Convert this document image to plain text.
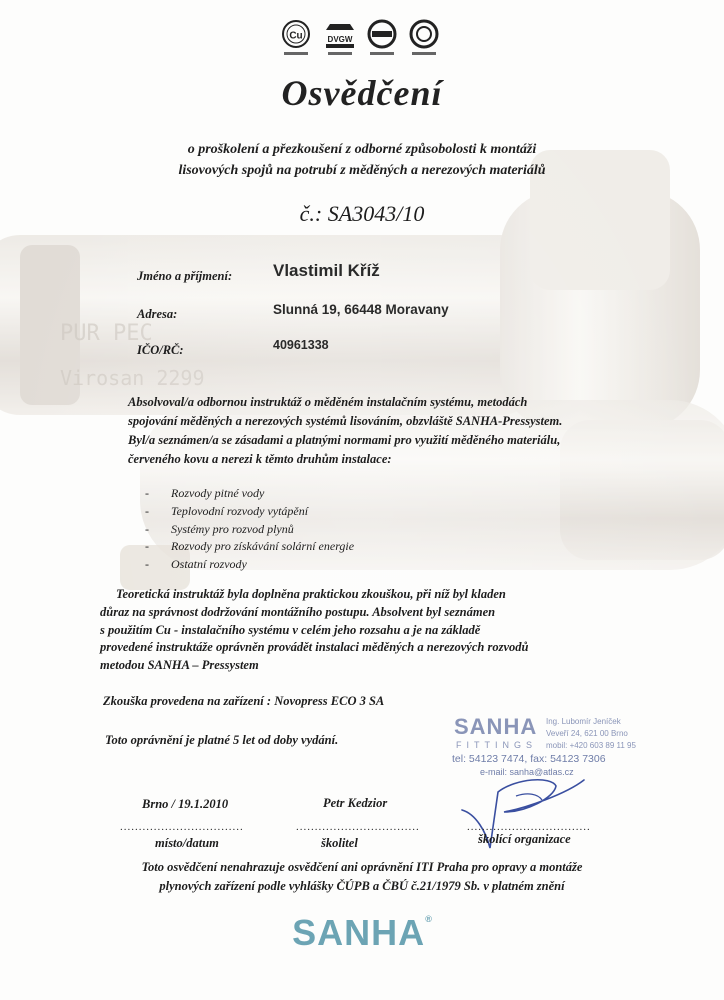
PUR PEC
Virosan 2299
Cu	DVGW
Osvědčení
o proškolení a přezkoušení z odborné způsobolosti k montáži
lisovových spojů na potrubí z měděných a nerezových materiálů
č.: SA3043/10
Jméno a příjmení: Vlastimil Kříž
Adresa:	Slunná 19, 66448 Moravany
IČO/RČ:	40961338
Absolvoval/a odbornou instruktáž o měděném instalačním systému, metodách
spojování měděných a nerezových systémů lisováním, obzvláště SANHA-Pressystem.
Byl/a seznámen/a se zásadami a platnými normami pro využití měděného materiálu,
červeného kovu a nerezi k těmto druhům instalace:
- Rozvody pitné vody
- Teplovodní rozvody vytápění
- Systémy pro rozvod plynů
- Rozvody pro získávání solární energie
- Ostatní rozvody
Teoretická instruktáž byla doplněna praktickou zkouškou, při níž byl kladen
důraz na správnost dodržování montážního postupu. Absolvent byl seznámen
s použitím Cu - instalačního systému v celém jeho rozsahu a je na základě
provedené instruktáže oprávněn provádět instalaci měděných a nerezových rozvodů
metodou SANHA – Pressystem
Zkouška provedena na zařízení : Novopress ECO 3 SA
Toto oprávnění je platné 5 let od doby vydání.
SANHA
FITTINGS
Ing. Lubomír Jeníček
Veveří 24, 621 00 Brno
mobil: +420 603 89 11 95
tel: 54123 7474, fax: 54123 7306
e-mail: sanha@atlas.cz
Brno / 19.1.2010	Petr Kedzior
.................................	.................................	.................................
místo/datum	školitel	školící organizace
Toto osvědčení nenahrazuje osvědčení ani oprávnění ITI Praha pro opravy a montáže
plynových zařízení podle vyhlášky ČÚPB a ČBÚ č.21/1979 Sb. v platném znění
SANHA®
